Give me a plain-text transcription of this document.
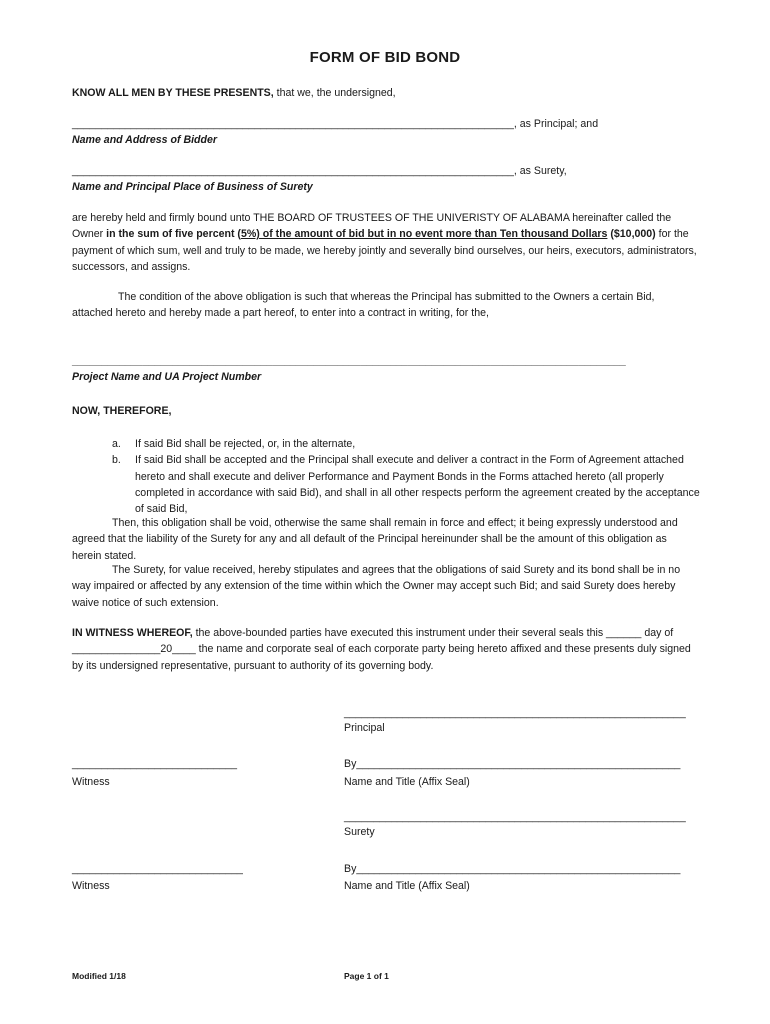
FORM OF BID BOND
KNOW ALL MEN BY THESE PRESENTS, that we, the undersigned,
___________________________________________________________________________, as Principal; and
Name and Address of Bidder
___________________________________________________________________________, as Surety,
Name and Principal Place of Business of Surety
are hereby held and firmly bound unto THE BOARD OF TRUSTEES OF THE UNIVERISTY OF ALABAMA hereinafter called the Owner in the sum of five percent (5%) of the amount of bid but in no event more than Ten thousand Dollars ($10,000) for the payment of which sum, well and truly to be made, we hereby jointly and severally bind ourselves, our heirs, executors, administrators, successors, and assigns.
The condition of the above obligation is such that whereas the Principal has submitted to the Owners a certain Bid, attached hereto and hereby made a part hereof, to enter into a contract in writing, for the,
______________________________________________________________________________________________
Project Name and UA Project Number
NOW, THEREFORE,
a.	If said Bid shall be rejected, or, in the alternate,
b.	If said Bid shall be accepted and the Principal shall execute and deliver a contract in the Form of Agreement attached hereto and shall execute and deliver Performance and Payment Bonds in the Forms attached hereto (all properly completed in accordance with said Bid), and shall in all other respects perform the agreement created by the acceptance of said Bid,
Then, this obligation shall be void, otherwise the same shall remain in force and effect; it being expressly understood and agreed that the liability of the Surety for any and all default of the Principal hereinunder shall be the amount of this obligation as herein stated.
The Surety, for value received, hereby stipulates and agrees that the obligations of said Surety and its bond shall be in no way impaired or affected by any extension of the time within which the Owner may accept such Bid; and said Surety does hereby waive notice of such extension.
IN WITNESS WHEREOF, the above-bounded parties have executed this instrument under their several seals this ______ day of _______________20____ the name and corporate seal of each corporate party being hereto affixed and these presents duly signed by its undersigned representative, pursuant to authority of its governing body.
__________________________________________________________
Principal
____________________________	By_______________________________________________________
Witness	Name and Title (Affix Seal)
__________________________________________________________
Surety
_____________________________	By_______________________________________________________
Witness	Name and Title (Affix Seal)
Modified 1/18	Page 1 of 1
